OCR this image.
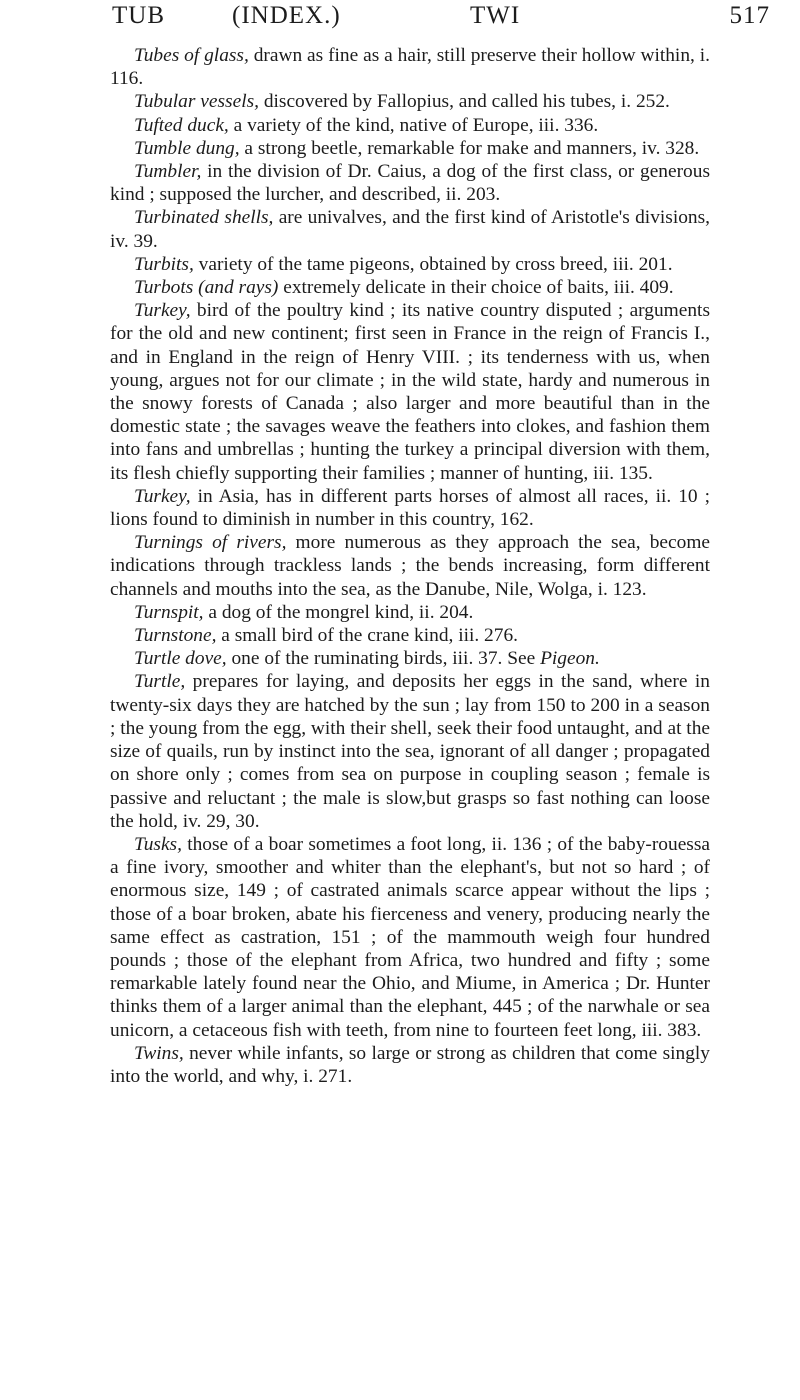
TUB	(INDEX.)	TWI	517

Tubes of glass, drawn as fine as a hair, still preserve their hollow within, i. 116.

Tubular vessels, discovered by Fallopius, and called his tubes, i. 252.

Tufted duck, a variety of the kind, native of Europe, iii. 336.

Tumble dung, a strong beetle, remarkable for make and manners, iv. 328.

Tumbler, in the division of Dr. Caius, a dog of the first class, or generous kind ; supposed the lurcher, and described, ii. 203.

Turbinated shells, are univalves, and the first kind of Aristotle's divisions, iv. 39.

Turbits, variety of the tame pigeons, obtained by cross breed, iii. 201.

Turbots (and rays) extremely delicate in their choice of baits, iii. 409.

Turkey, bird of the poultry kind ; its native country disputed ; arguments for the old and new continent; first seen in France in the reign of Francis I., and in England in the reign of Henry VIII. ; its tenderness with us, when young, argues not for our climate ; in the wild state, hardy and numerous in the snowy forests of Canada ; also larger and more beautiful than in the domestic state ; the savages weave the feathers into clokes, and fashion them into fans and umbrellas ; hunting the turkey a principal diversion with them, its flesh chiefly supporting their families ; manner of hunting, iii. 135.

Turkey, in Asia, has in different parts horses of almost all races, ii. 10 ; lions found to diminish in number in this country, 162.

Turnings of rivers, more numerous as they approach the sea, become indications through trackless lands ; the bends increasing, form different channels and mouths into the sea, as the Danube, Nile, Wolga, i. 123.

Turnspit, a dog of the mongrel kind, ii. 204.

Turnstone, a small bird of the crane kind, iii. 276.

Turtle dove, one of the ruminating birds, iii. 37. See Pigeon.

Turtle, prepares for laying, and deposits her eggs in the sand, where in twenty-six days they are hatched by the sun ; lay from 150 to 200 in a season ; the young from the egg, with their shell, seek their food untaught, and at the size of quails, run by instinct into the sea, ignorant of all danger ; propagated on shore only ; comes from sea on purpose in coupling season ; female is passive and reluctant ; the male is slow,but grasps so fast nothing can loose the hold, iv. 29, 30.

Tusks, those of a boar sometimes a foot long, ii. 136 ; of the baby-rouessa a fine ivory, smoother and whiter than the elephant's, but not so hard ; of enormous size, 149 ; of castrated animals scarce appear without the lips ; those of a boar broken, abate his fierceness and venery, producing nearly the same effect as castration, 151 ; of the mammouth weigh four hundred pounds ; those of the elephant from Africa, two hundred and fifty ; some remarkable lately found near the Ohio, and Miume, in America ; Dr. Hunter thinks them of a larger animal than the elephant, 445 ; of the narwhale or sea unicorn, a cetaceous fish with teeth, from nine to fourteen feet long, iii. 383.

Twins, never while infants, so large or strong as children that come singly into the world, and why, i. 271.
